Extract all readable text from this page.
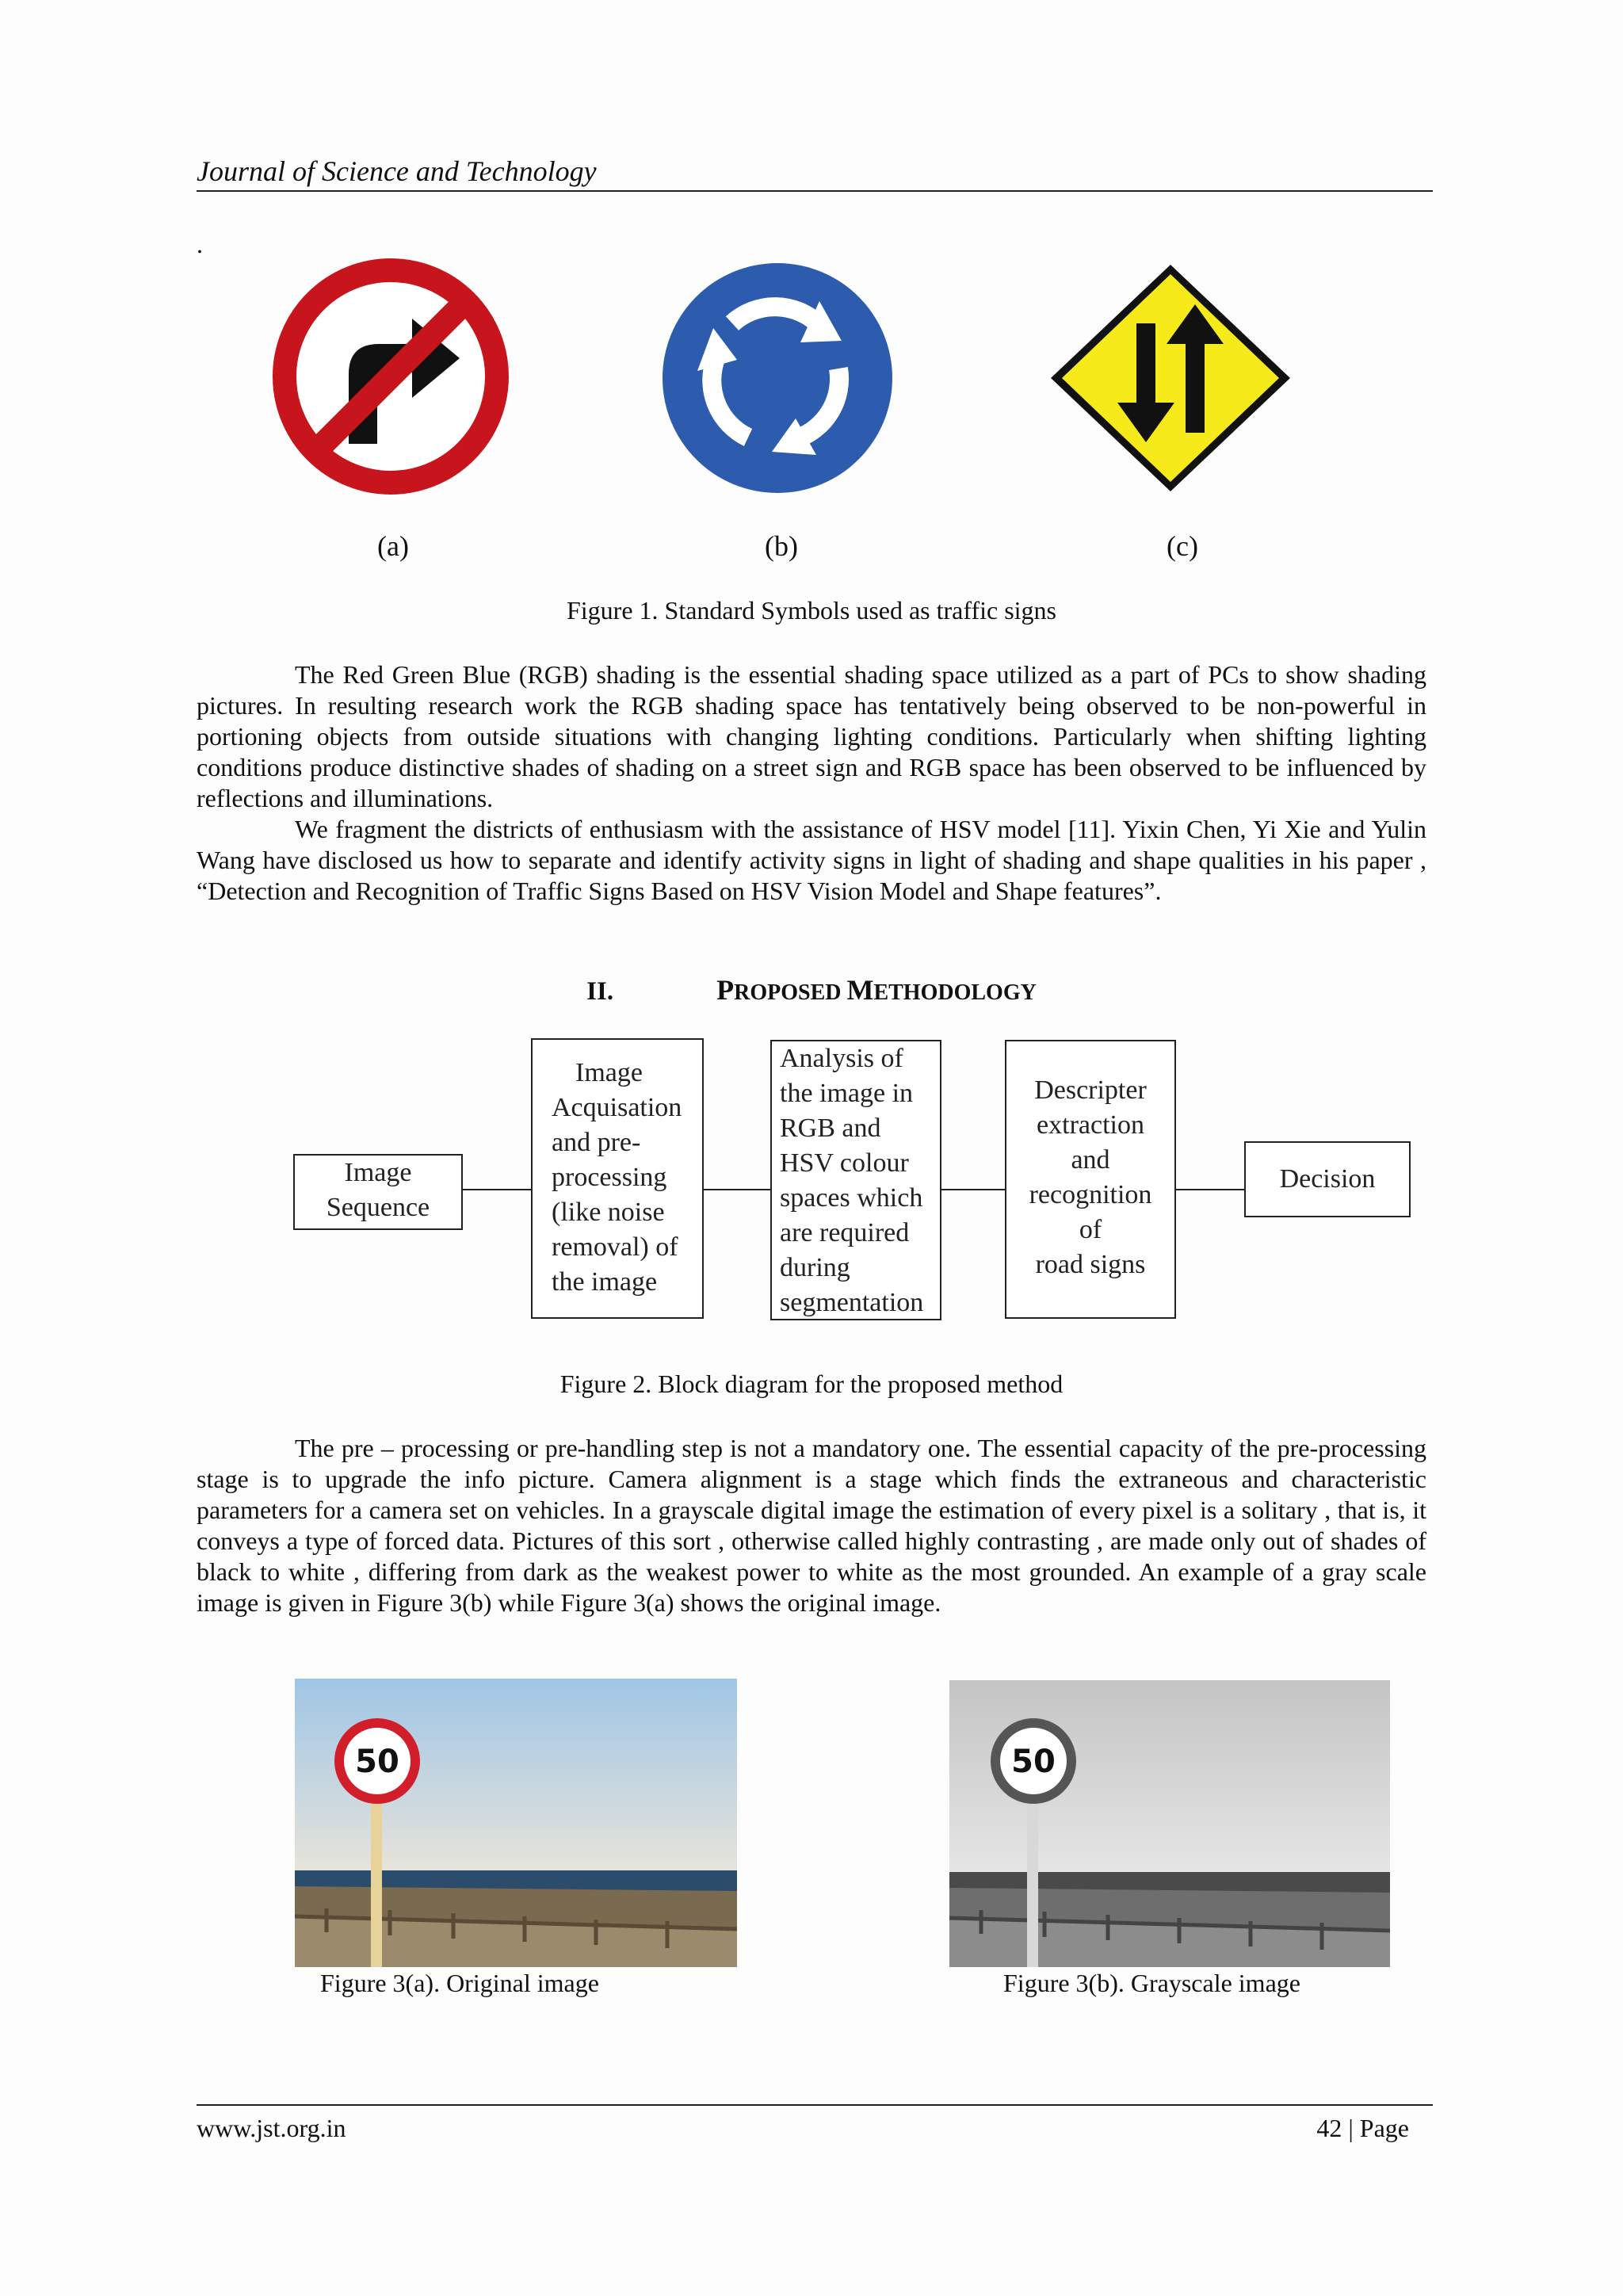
Journal of Science and Technology
.
(a)	(b)	(c)
Figure 1. Standard Symbols used as traffic signs

The Red Green Blue (RGB) shading is the essential shading space utilized as a part of PCs to show shading pictures. In resulting research work the RGB shading space has tentatively being observed to be non-powerful in portioning objects from outside situations with changing lighting conditions. Particularly when shifting lighting conditions produce distinctive shades of shading on a street sign and RGB space has been observed to be influenced by reflections and illuminations.

We fragment the districts of enthusiasm with the assistance of HSV model [11]. Yixin Chen, Yi Xie and Yulin Wang have disclosed us how to separate and identify activity signs in light of shading and shape qualities in his paper , “Detection and Recognition of Traffic Signs Based on HSV Vision Model and Shape features”.

II.	PROPOSED METHODOLOGY
Image
Sequence
Image
Acquisation
and pre-
processing
(like noise
removal) of
the image
Analysis of
the image in
RGB and
HSV colour
spaces which
are required
during
segmentation
Descripter
extraction
and
recognition
of
road signs
Decision
Figure 2. Block diagram for the proposed method

The pre – processing or pre-handling step is not a mandatory one. The essential capacity of the pre-processing stage is to upgrade the info picture. Camera alignment is a stage which finds the extraneous and characteristic parameters for a camera set on vehicles. In a grayscale digital image the estimation of every pixel is a solitary , that is, it conveys a type of forced data. Pictures of this sort , otherwise called highly contrasting , are made only out of shades of black to white , differing from dark as the weakest power to white as the most grounded. An example of a gray scale image is given in Figure 3(b) while Figure 3(a) shows the original image.

50	50
Figure 3(a). Original image	Figure 3(b). Grayscale image
www.jst.org.in	42 | Page
